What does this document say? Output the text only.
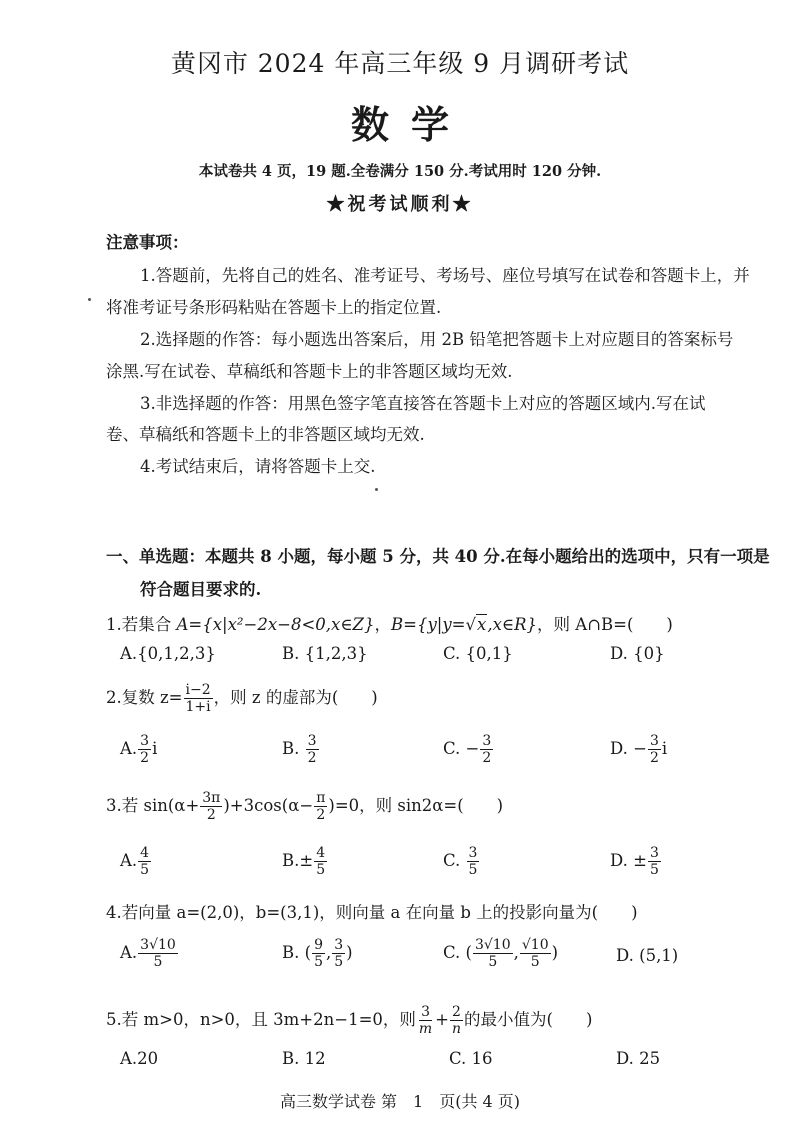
黄冈市 2024 年高三年级 9 月调研考试
数学
本试卷共 4 页，19 题.全卷满分 150 分.考试用时 120 分钟.
★祝考试顺利★
注意事项：
1.答题前，先将自己的姓名、准考证号、考场号、座位号填写在试卷和答题卡上，并
将准考证号条形码粘贴在答题卡上的指定位置.
2.选择题的作答：每小题选出答案后，用 2B 铅笔把答题卡上对应题目的答案标号
涂黑.写在试卷、草稿纸和答题卡上的非答题区域均无效.
3.非选择题的作答：用黑色签字笔直接答在答题卡上对应的答题区域内.写在试
卷、草稿纸和答题卡上的非答题区域均无效.
4.考试结束后，请将答题卡上交.
一、单选题：本题共 8 小题，每小题 5 分，共 40 分.在每小题给出的选项中，只有一项是
符合题目要求的.
1.若集合 A={x|x²−2x−8<0,x∈Z}，B={y|y=√x,x∈R}，则 A∩B=(　　)
A.{0,1,2,3}	B. {1,2,3}	C. {0,1}	D. {0}
2.复数 $z= \frac{i-2}{1+i}$ ，则 z 的虚部为(　　)
A. $\frac{3}{2}$ i	B. $\frac{3}{2}$	C. − $\frac{3}{2}$	D. − $\frac{3}{2}$ i
3.若 $\sin(\alpha+ \frac{3\pi}{2} )+3\cos(\alpha- \frac{\pi}{2} )=0$，则 sin2α=(　　)
A. $\frac{4}{5}$	$B.\pm \frac{4}{5}$	C. $\frac{3}{5}$	D. ± $\frac{3}{5}$
4.若向量 a=(2,0)，b=(3,1)，则向量 a 在向量 b 上的投影向量为(　　)
A. $\frac{3√10}{5}$	B. ( $\frac{9}{5}$ , $\frac{3}{5}$ )	C. ( $\frac{3√10}{5}$ , $\frac{√10}{5}$ )	D. (5,1)
5.若 m>0，n>0，且 3m+2n−1=0，则 $\frac{3}{m} + \frac{2}{n}$ 的最小值为(　　)
A.20	B. 12	C. 16	D. 25
高三数学试卷 第　1　页(共 4 页)
